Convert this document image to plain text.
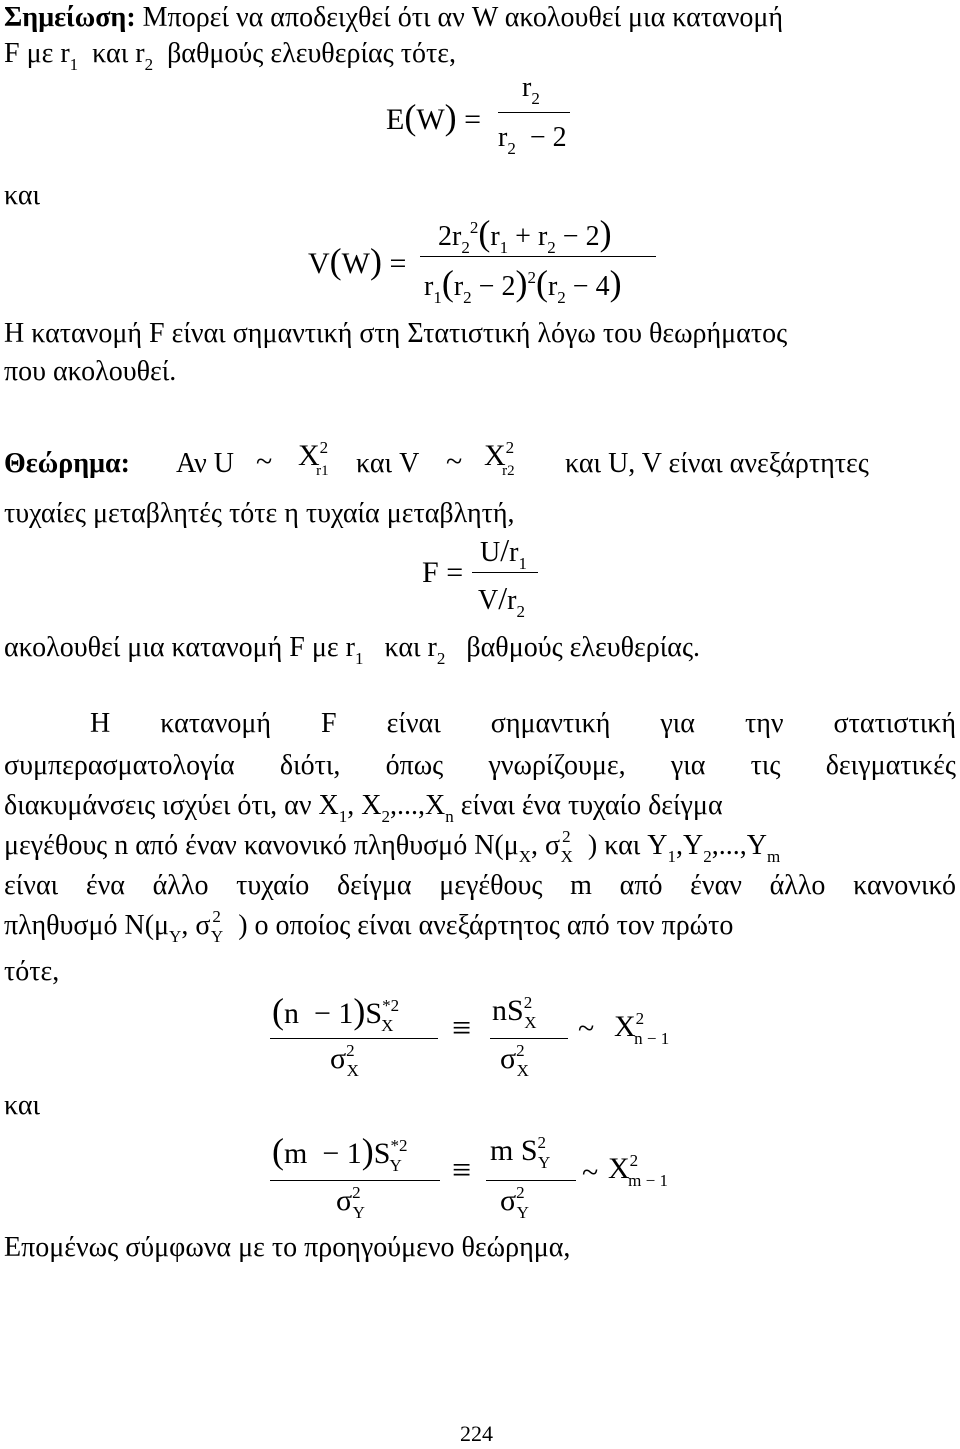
Σημείωση: Μπορεί να αποδειχθεί ότι αν W ακολουθεί μια κατανομή
F με $r_1$ και $r_2$ βαθμούς ελευθερίας τότε,
E(W) =
$r_2$
$r_2 - 2$
και
V(W) =
$2r_2^2(r_1 + r_2 - 2)$
$r_1(r_2 - 2)^2(r_2 - 4)$
Η κατανομή F είναι σημαντική στη Στατιστική λόγω του θεωρήματος
που ακολουθεί.
Θεώρημα: Αν U ~ $X^2_{r1}$ και V ~ $X^2_{r2}$	και U, V είναι ανεξάρτητες
τυχαίες μεταβλητές τότε η τυχαία μεταβλητή,
F =
$U/r_1$
$V/r_2$
ακολουθεί μια κατανομή F με $r_1$ και $r_2$ βαθμούς ελευθερίας.
Η κατανομή F είναι σημαντική για την στατιστική
συμπερασματολογία διότι, όπως γνωρίζουμε, για τις δειγματικές
διακυμάνσεις ισχύει ότι, αν $X_1$, $X_2,...,X_n$ είναι ένα τυχαίο δείγμα
μεγέθους n από έναν κανονικό πληθυσμό $N(\mu_X$, σ $^2_X$ ) και $Y_1,Y_2,...,Y_m$
είναι ένα άλλο τυχαίο δείγμα μεγέθους m από έναν άλλο κανονικό
πληθυσμό $N(\mu_Y$, σ $^2_Y$ ) ο οποίος είναι ανεξάρτητος από τον πρώτο
τότε,
$(n - 1)S^{*2}_X$
$\sigma^2_X$
≡ $nS^2_X$
$\sigma^2_X$
~ $X^2_{n - 1}$
και
$(m - 1)S^{*2}_Y$
$\sigma^2_Y$
≡
m $S^2_Y$
$\sigma^2_Y$
~ $X^2_{m - 1}$
Επομένως σύμφωνα με το προηγούμενο θεώρημα,
224
